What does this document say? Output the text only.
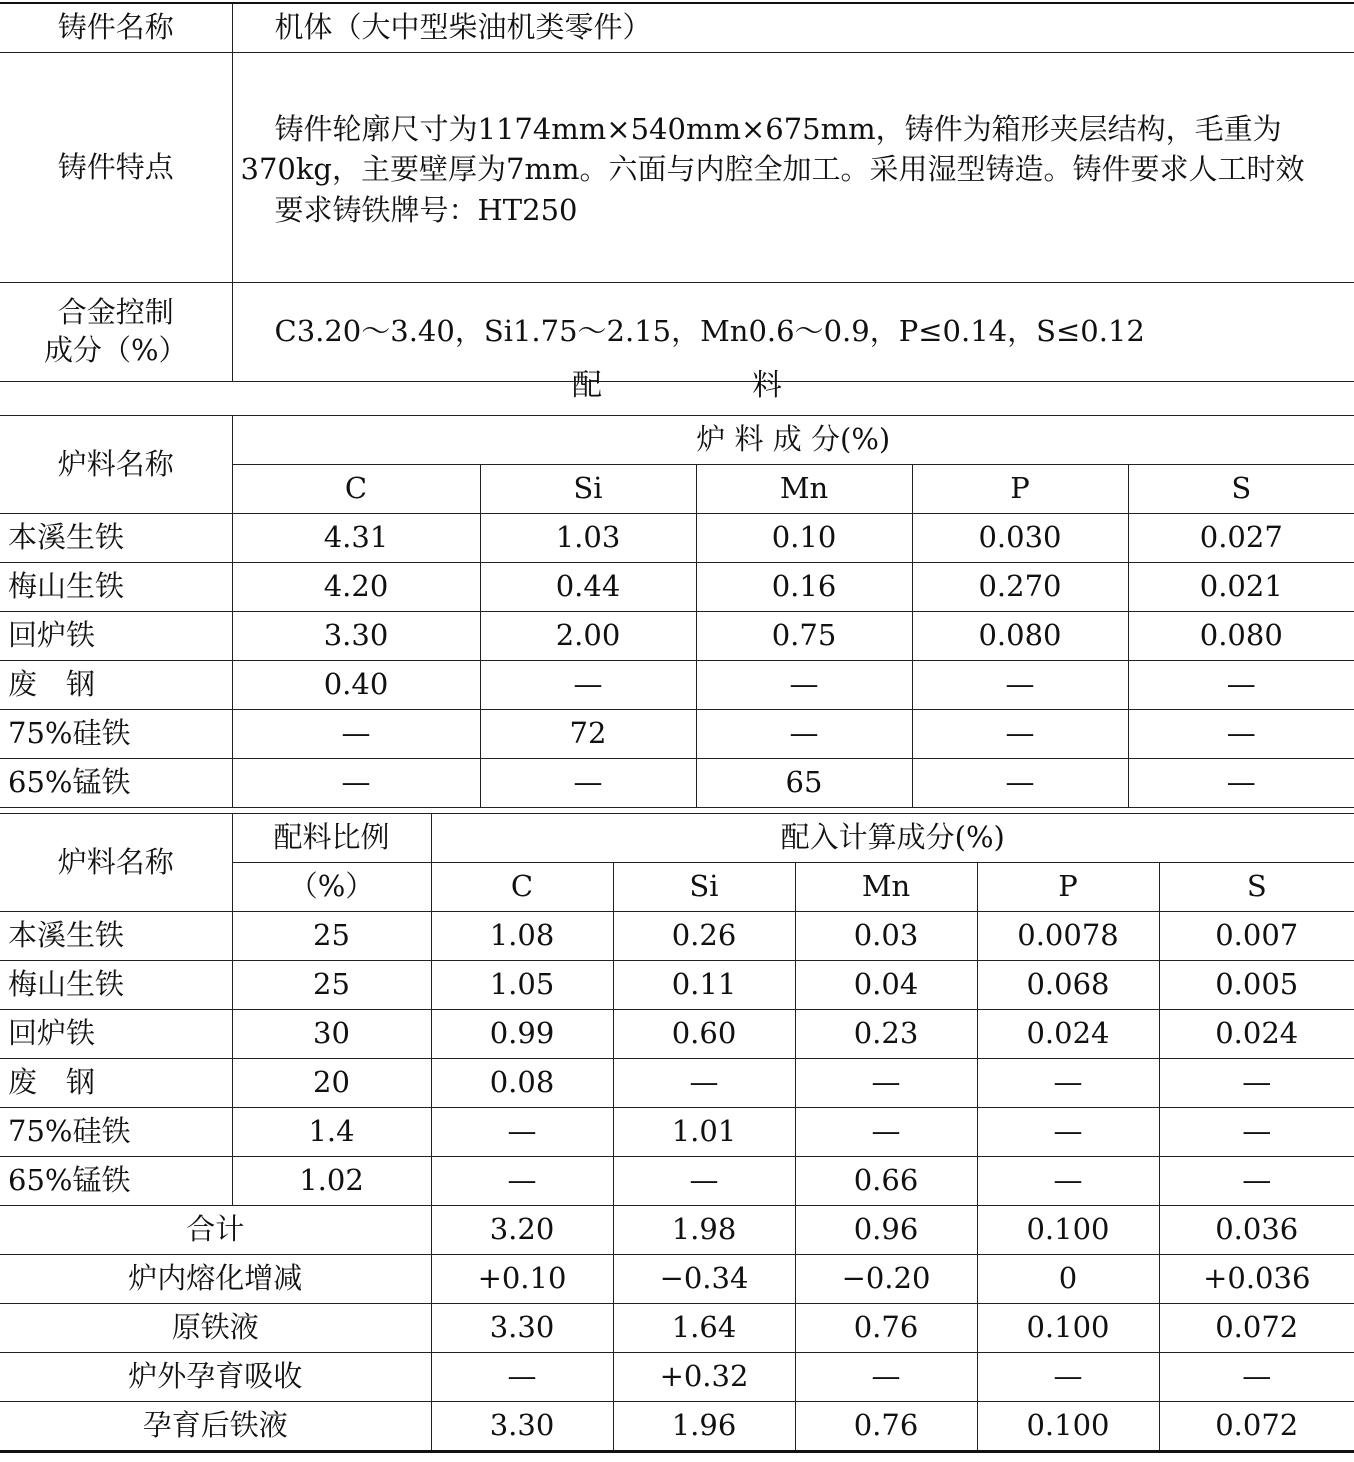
铸件名称	机体（大中型柴油机类零件）
铸件特点	铸件轮廓尺寸为1174mm×540mm×675mm，铸件为箱形夹层结构，毛重为370kg，主要壁厚为7mm。六面与内腔全加工。采用湿型铸造。铸件要求人工时效

要求铸铁牌号：HT250

合金控制
成分（%）	C3.20～3.40，Si1.75～2.15，Mn0.6～0.9，P≤0.14，S≤0.12
配料
炉料名称	炉 料 成 分(%)				
	C	Si	Mn	P	S
本溪生铁	4.31	1.03	0.10	0.030	0.027
梅山生铁	4.20	0.44	0.16	0.270	0.021
回炉铁	3.30	2.00	0.75	0.080	0.080
废　钢	0.40	—	—	—	—
75%硅铁	—	72	—	—	—
65%锰铁	—	—	65	—	—
炉料名称	配料比例	配入计算成分(%)				
	（%）	C	Si	Mn	P	S
本溪生铁	25	1.08	0.26	0.03	0.0078	0.007
梅山生铁	25	1.05	0.11	0.04	0.068	0.005
回炉铁	30	0.99	0.60	0.23	0.024	0.024
废　钢	20	0.08	—	—	—	—
75%硅铁	1.4	—	1.01	—	—	—
65%锰铁	1.02	—	—	0.66	—	—
合计		3.20	1.98	0.96	0.100	0.036
炉内熔化增减		+0.10	−0.34	−0.20	0	+0.036
原铁液		3.30	1.64	0.76	0.100	0.072
炉外孕育吸收		—	+0.32	—	—	—
孕育后铁液		3.30	1.96	0.76	0.100	0.072
